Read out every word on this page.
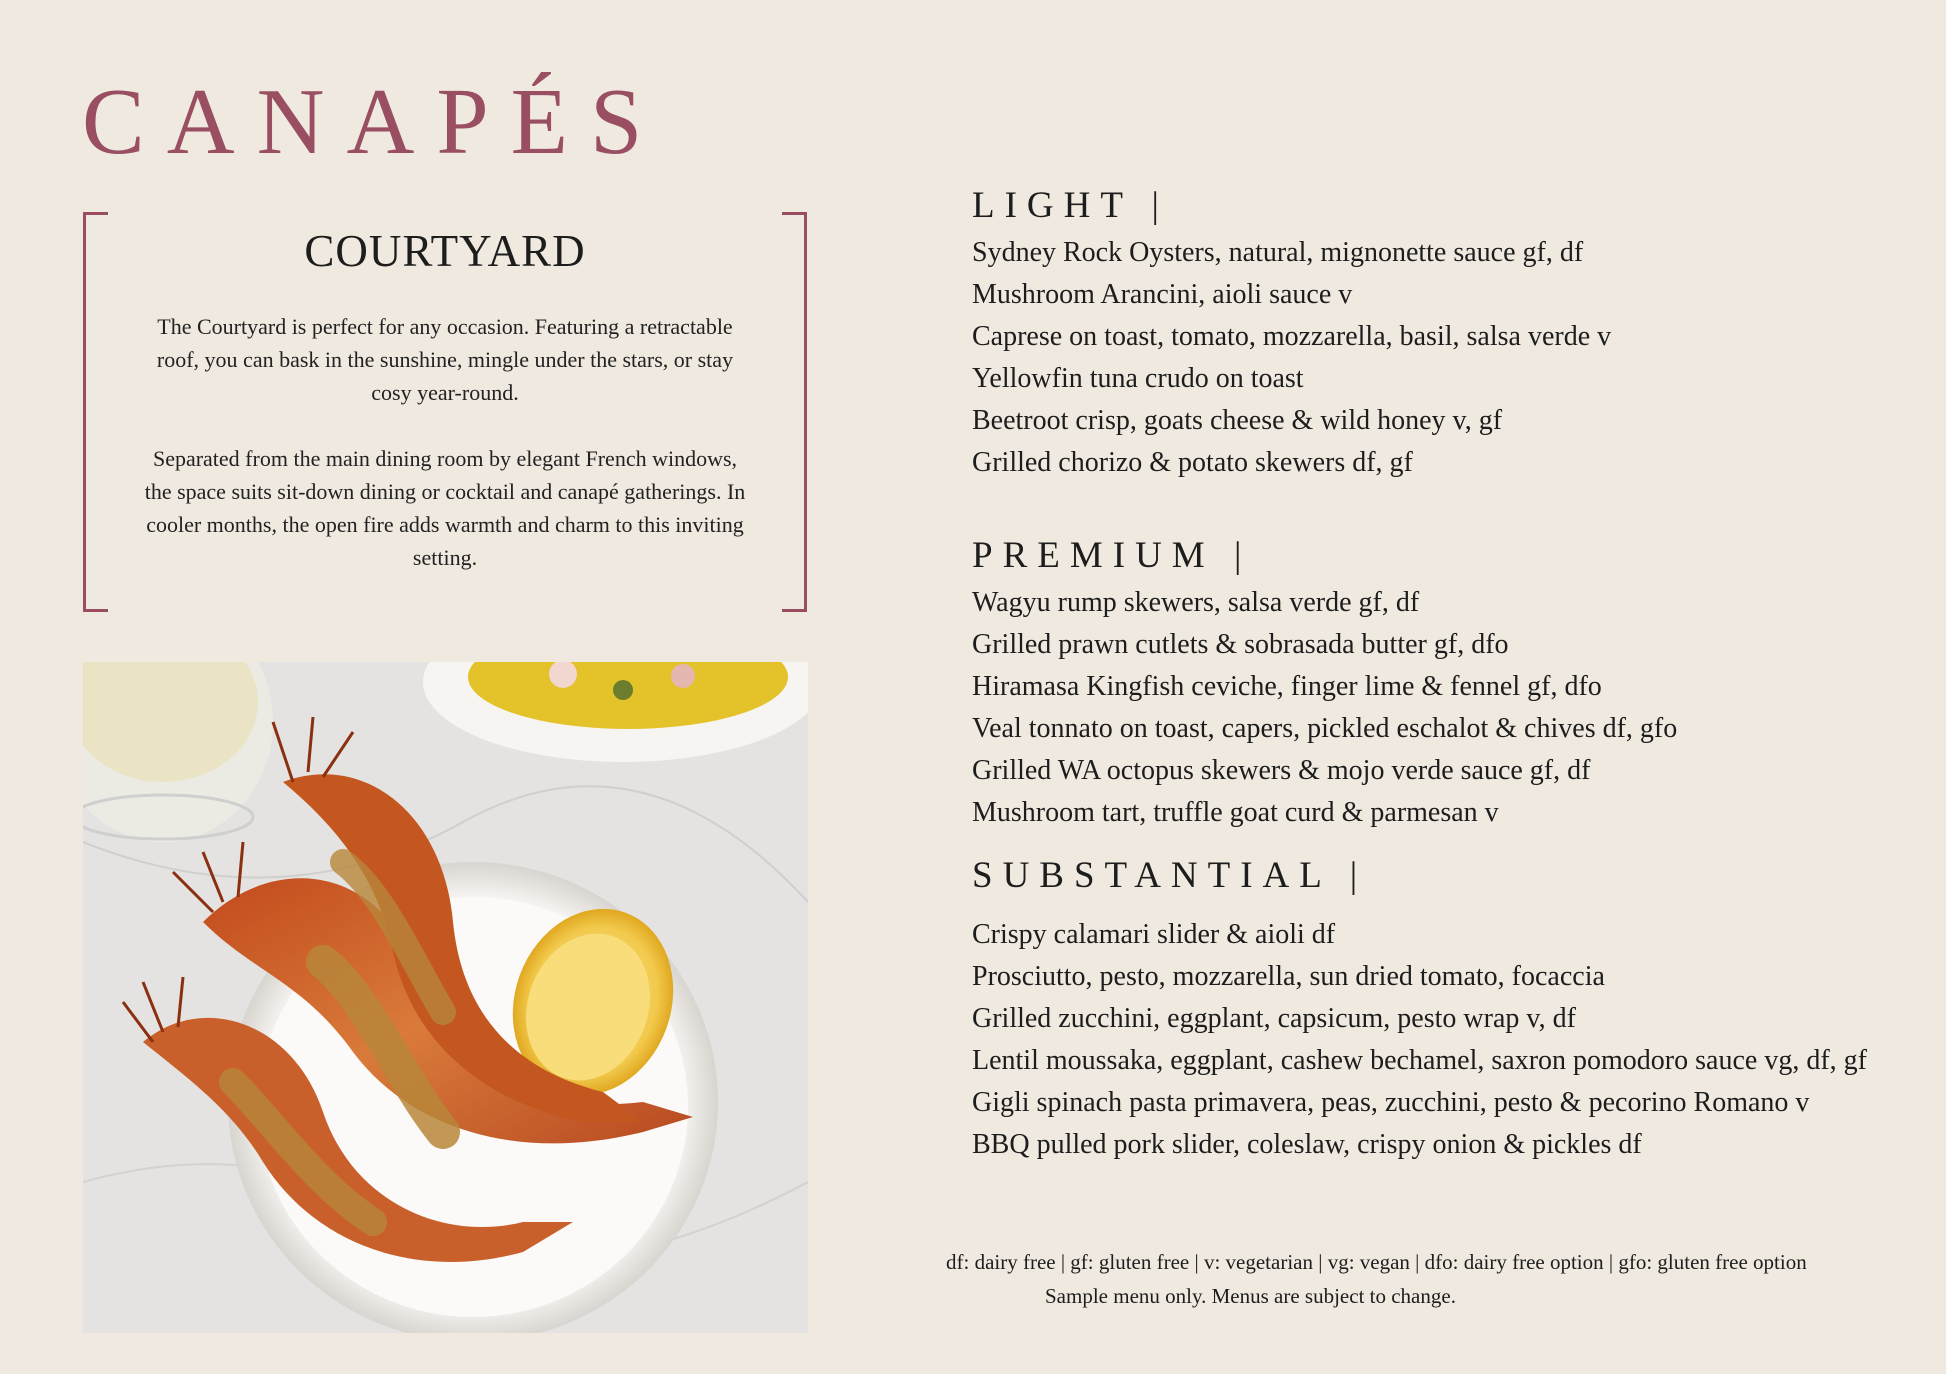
CANAPÉS
COURTYARD
The Courtyard is perfect for any occasion. Featuring a retractable roof, you can bask in the sunshine, mingle under the stars, or stay cosy year-round.
Separated from the main dining room by elegant French windows, the space suits sit-down dining or cocktail and canapé gatherings. In cooler months, the open fire adds warmth and charm to this inviting setting.
LIGHT |
Sydney Rock Oysters, natural, mignonette sauce gf, df
Mushroom Arancini, aioli sauce v
Caprese on toast, tomato, mozzarella, basil, salsa verde v
Yellowfin tuna crudo on toast
Beetroot crisp, goats cheese & wild honey v, gf
Grilled chorizo & potato skewers df, gf
PREMIUM |
Wagyu rump skewers, salsa verde gf, df
Grilled prawn cutlets & sobrasada butter gf, dfo
Hiramasa Kingfish ceviche, finger lime & fennel gf, dfo
Veal tonnato on toast, capers, pickled eschalot & chives df, gfo
Grilled WA octopus skewers & mojo verde sauce gf, df
Mushroom tart, truffle goat curd & parmesan v
SUBSTANTIAL |
Crispy calamari slider & aioli df
Prosciutto, pesto, mozzarella, sun dried tomato, focaccia
Grilled zucchini, eggplant, capsicum, pesto wrap v, df
Lentil moussaka, eggplant, cashew bechamel, saxron pomodoro sauce vg, df, gf
Gigli spinach pasta primavera, peas, zucchini, pesto & pecorino Romano v
BBQ pulled pork slider, coleslaw, crispy onion & pickles df
df: dairy free | gf: gluten free | v: vegetarian | vg: vegan | dfo: dairy free option | gfo: gluten free option
Sample menu only. Menus are subject to change.
